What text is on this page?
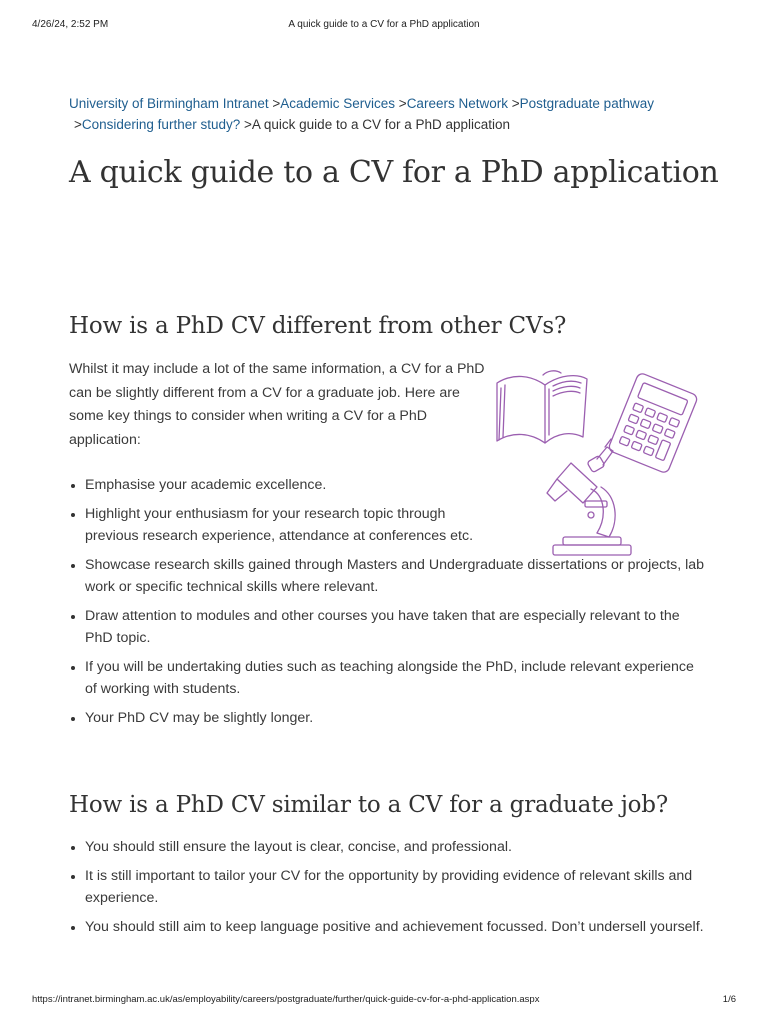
4/26/24, 2:52 PM	A quick guide to a CV for a PhD application
University of Birmingham Intranet >Academic Services >Careers Network >Postgraduate pathway
>Considering further study? >A quick guide to a CV for a PhD application
A quick guide to a CV for a PhD application
How is a PhD CV different from other CVs?

Whilst it may include a lot of the same information, a CV for a PhD can be slightly different from a CV for a graduate job. Here are some key things to consider when writing a CV for a PhD application:

Emphasise your academic excellence.
Highlight your enthusiasm for your research topic through previous research experience, attendance at conferences etc.
Showcase research skills gained through Masters and Undergraduate dissertations or projects, lab work or specific technical skills where relevant.
Draw attention to modules and other courses you have taken that are especially relevant to the PhD topic.
If you will be undertaking duties such as teaching alongside the PhD, include relevant experience of working with students.
Your PhD CV may be slightly longer.
How is a PhD CV similar to a CV for a graduate job?
You should still ensure the layout is clear, concise, and professional.
It is still important to tailor your CV for the opportunity by providing evidence of relevant skills and experience.
You should still aim to keep language positive and achievement focussed. Don’t undersell yourself.
https://intranet.birmingham.ac.uk/as/employability/careers/postgraduate/further/quick-guide-cv-for-a-phd-application.aspx	1/6
